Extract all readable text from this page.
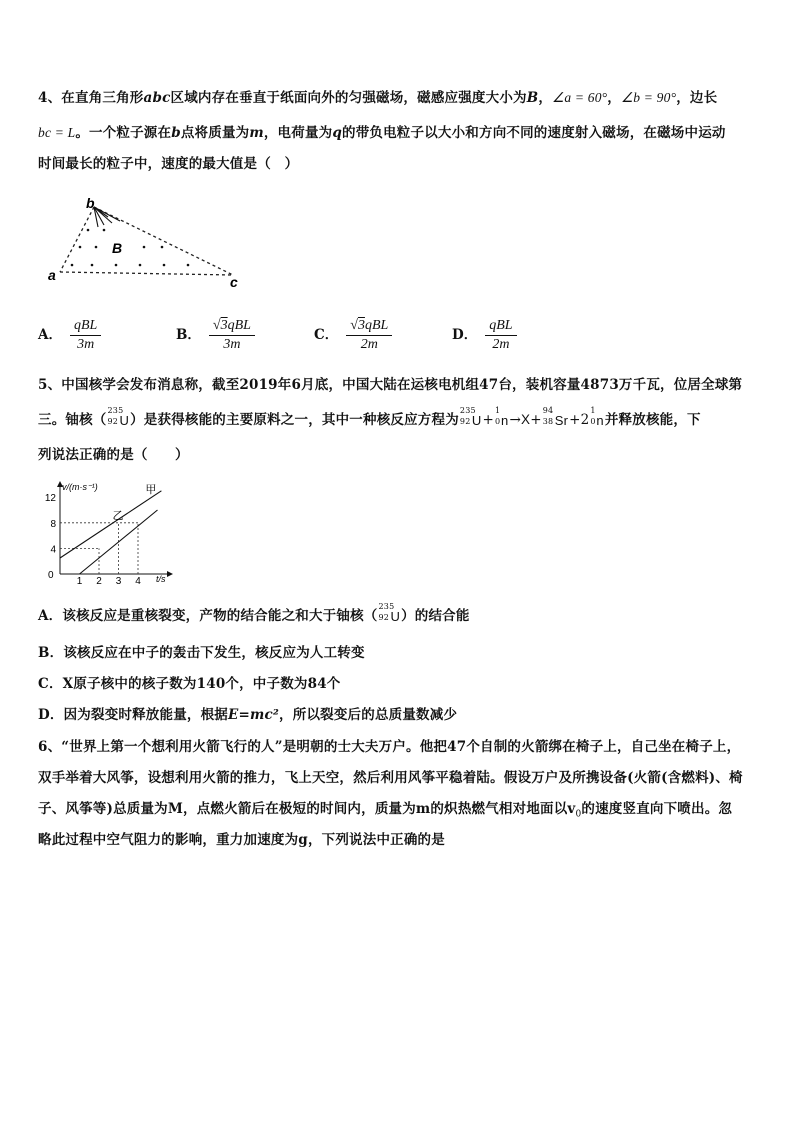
4、在直角三角形abc区域内存在垂直于纸面向外的匀强磁场，磁感应强度大小为B，∠a = 60°，∠b = 90°，边长
bc = L。一个粒子源在b点将质量为m，电荷量为q的带负电粒子以大小和方向不同的速度射入磁场，在磁场中运动
时间最长的粒子中，速度的最大值是（　）
b
a	c
B
A． $\frac{\text{qBL}}{3m}$	B． $\frac{\text{√3qBL}}{3m}$	C． $\frac{\text{√3qBL}}{2m}$	D． $\frac{\text{qBL}}{2m}$
5、中国核学会发布消息称，截至2019年6月底，中国大陆在运核电机组47台，装机容量4873万千瓦，位居全球第
三。铀核（
235
92 U）是获得核能的主要原料之一，其中一种核反应方程为
235
92 U+
1
0 n→X+
94
38 Sr+2
1
0 n并释放核能，下
列说法正确的是（　　）
v/(m·s⁻¹)
t/s
0
4
8
12
1 2 3 4
甲
乙
A．该核反应是重核裂变，产物的结合能之和大于铀核（
235
92 U）的结合能
B．该核反应在中子的轰击下发生，核反应为人工转变
C．X原子核中的核子数为140个，中子数为84个
D．因为裂变时释放能量，根据E=mc²，所以裂变后的总质量数减少
6、“世界上第一个想利用火箭飞行的人”是明朝的士大夫万户。他把47个自制的火箭绑在椅子上，自己坐在椅子上，
双手举着大风筝，设想利用火箭的推力，飞上天空，然后利用风筝平稳着陆。假设万户及所携设备(火箭(含燃料)、椅
子、风筝等)总质量为M，点燃火箭后在极短的时间内，质量为m的炽热燃气相对地面以$v_0$的速度竖直向下喷出。忽
略此过程中空气阻力的影响，重力加速度为g，下列说法中正确的是
